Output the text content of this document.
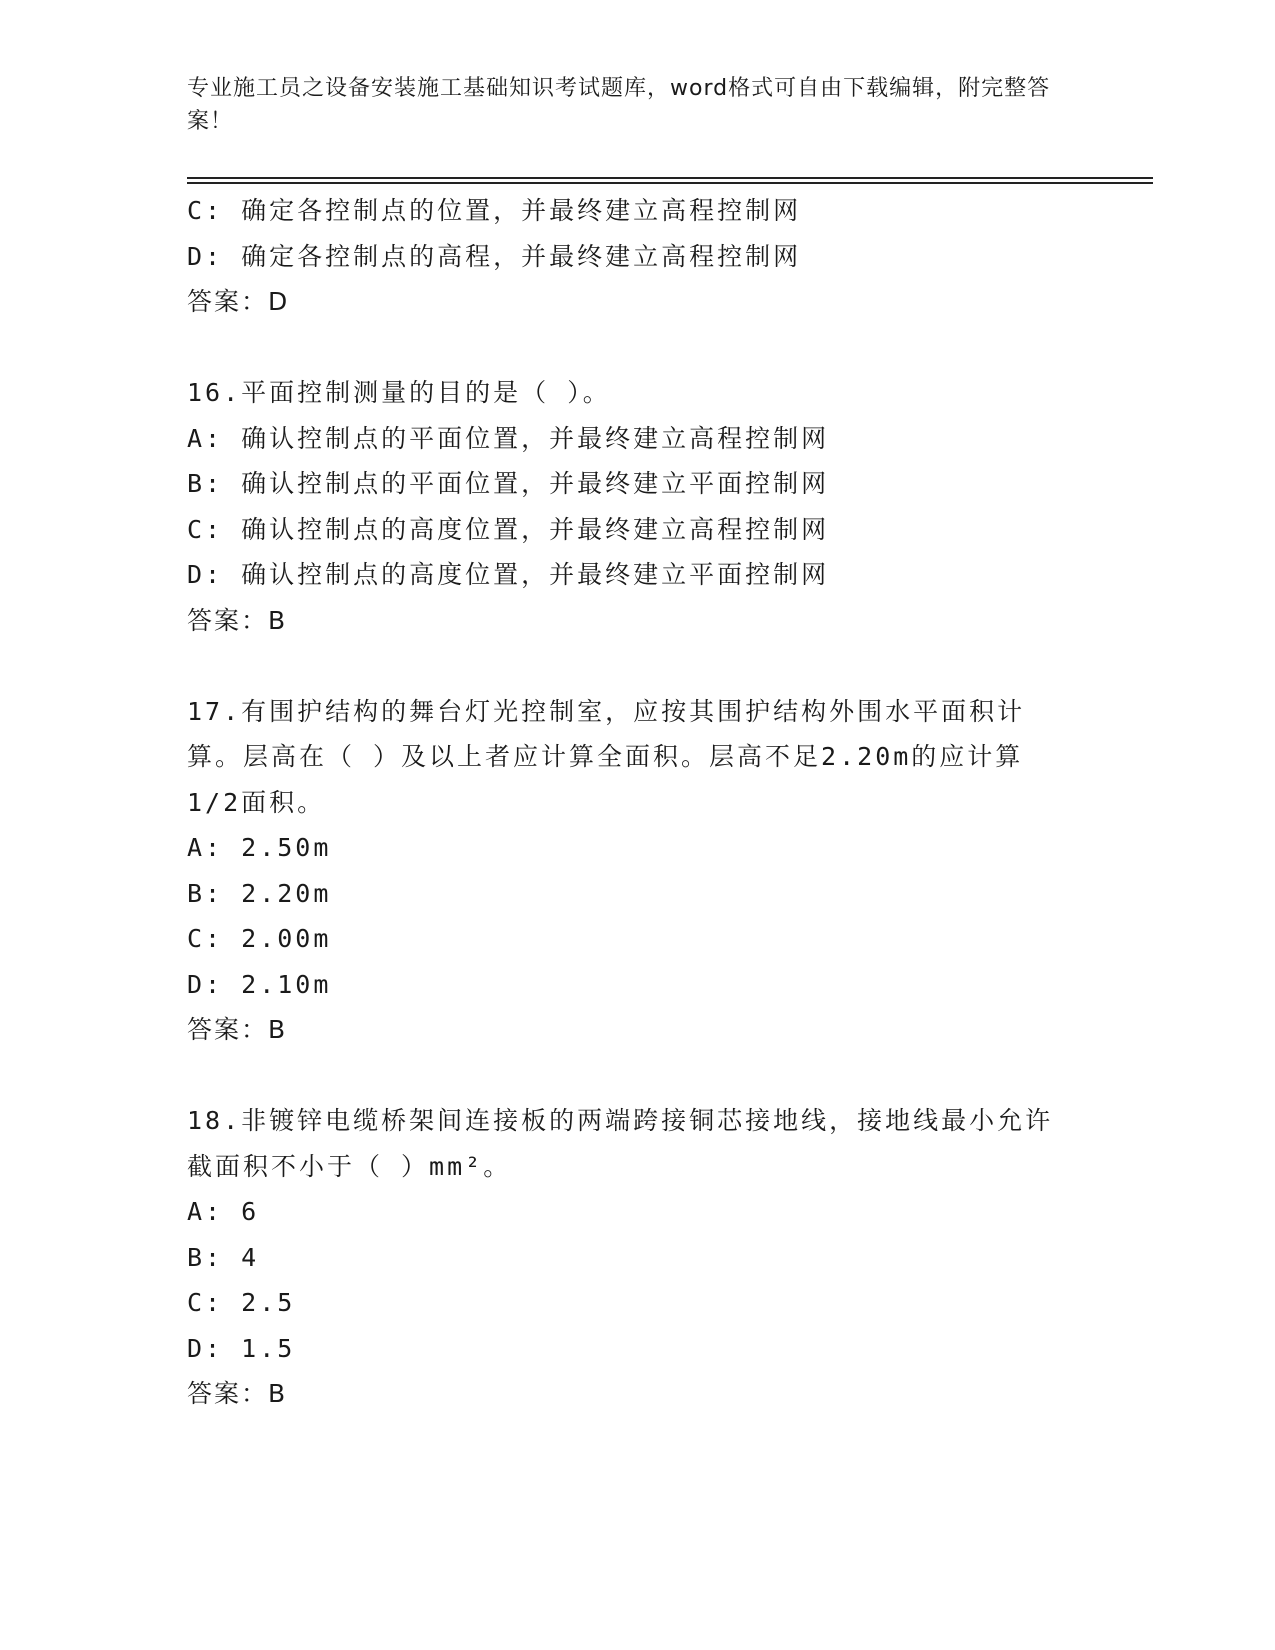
专业施工员之设备安装施工基础知识考试题库，word格式可自由下载编辑，附完整答案！
C: 确定各控制点的位置，并最终建立高程控制网
D: 确定各控制点的高程，并最终建立高程控制网
答案：D
16.平面控制测量的目的是（ ）。
A: 确认控制点的平面位置，并最终建立高程控制网
B: 确认控制点的平面位置，并最终建立平面控制网
C: 确认控制点的高度位置，并最终建立高程控制网
D: 确认控制点的高度位置，并最终建立平面控制网
答案：B
17.有围护结构的舞台灯光控制室，应按其围护结构外围水平面积计算。层高在（ ）及以上者应计算全面积。层高不足2.20m的应计算1/2面积。
A: 2.50m
B: 2.20m
C: 2.00m
D: 2.10m
答案：B
18.非镀锌电缆桥架间连接板的两端跨接铜芯接地线，接地线最小允许截面积不小于（ ）mm²。
A: 6
B: 4
C: 2.5
D: 1.5
答案：B
